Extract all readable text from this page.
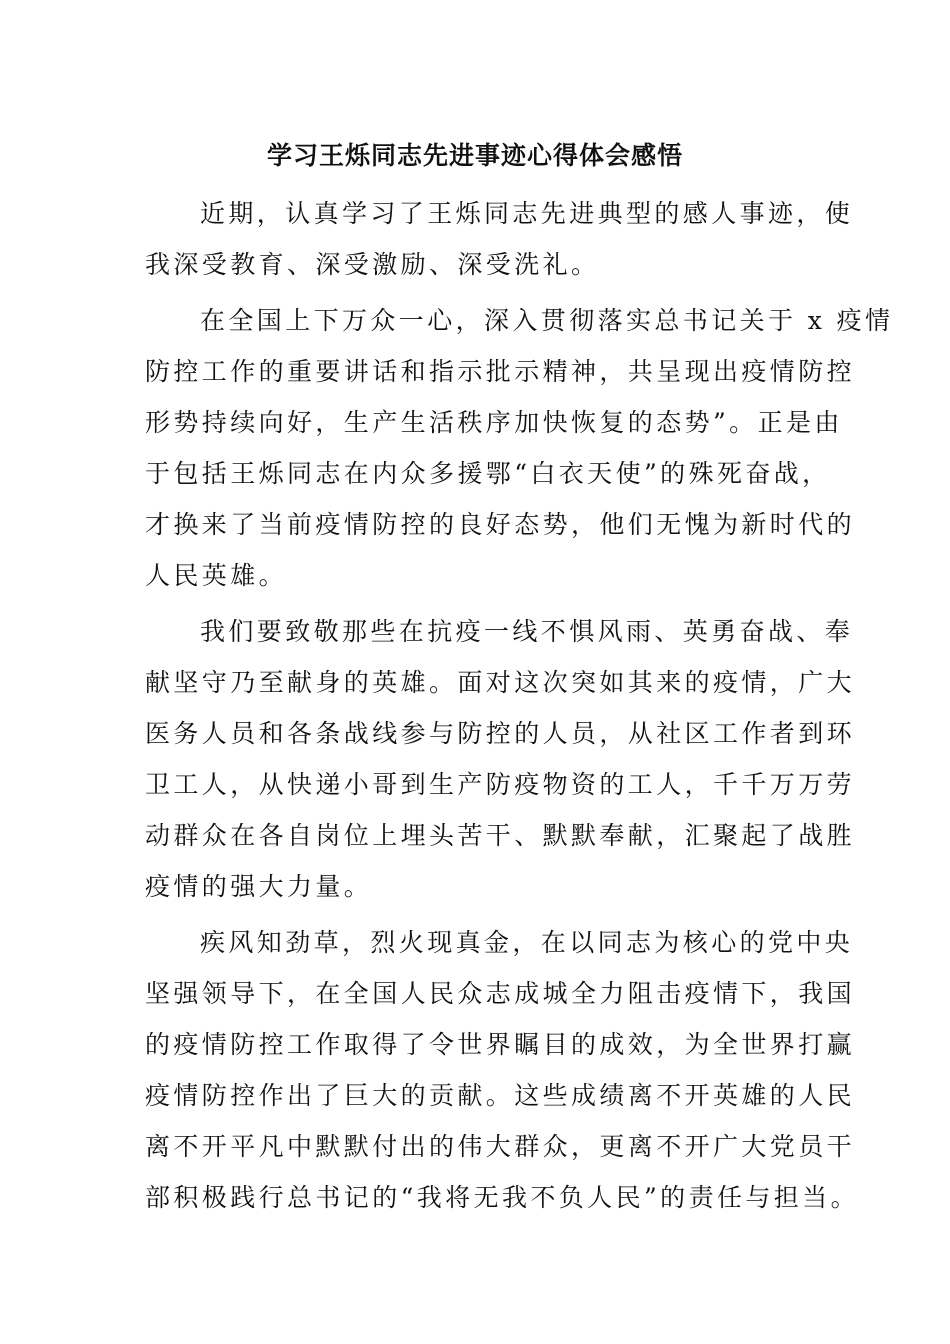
学习王烁同志先进事迹心得体会感悟
近期，认真学习了王烁同志先进典型的感人事迹，使
我深受教育、深受激励、深受洗礼。
在全国上下万众一心，深入贯彻落实总书记关于 x 疫情
防控工作的重要讲话和指示批示精神，共呈现出疫情防控
形势持续向好，生产生活秩序加快恢复的态势”。正是由
于包括王烁同志在内众多援鄂“白衣天使”的殊死奋战，
才换来了当前疫情防控的良好态势，他们无愧为新时代的
人民英雄。
我们要致敬那些在抗疫一线不惧风雨、英勇奋战、奉
献坚守乃至献身的英雄。面对这次突如其来的疫情，广大
医务人员和各条战线参与防控的人员，从社区工作者到环
卫工人，从快递小哥到生产防疫物资的工人，千千万万劳
动群众在各自岗位上埋头苦干、默默奉献，汇聚起了战胜
疫情的强大力量。
疾风知劲草，烈火现真金，在以同志为核心的党中央
坚强领导下，在全国人民众志成城全力阻击疫情下，我国
的疫情防控工作取得了令世界瞩目的成效，为全世界打赢
疫情防控作出了巨大的贡献。这些成绩离不开英雄的人民
离不开平凡中默默付出的伟大群众，更离不开广大党员干
部积极践行总书记的“我将无我不负人民”的责任与担当。
